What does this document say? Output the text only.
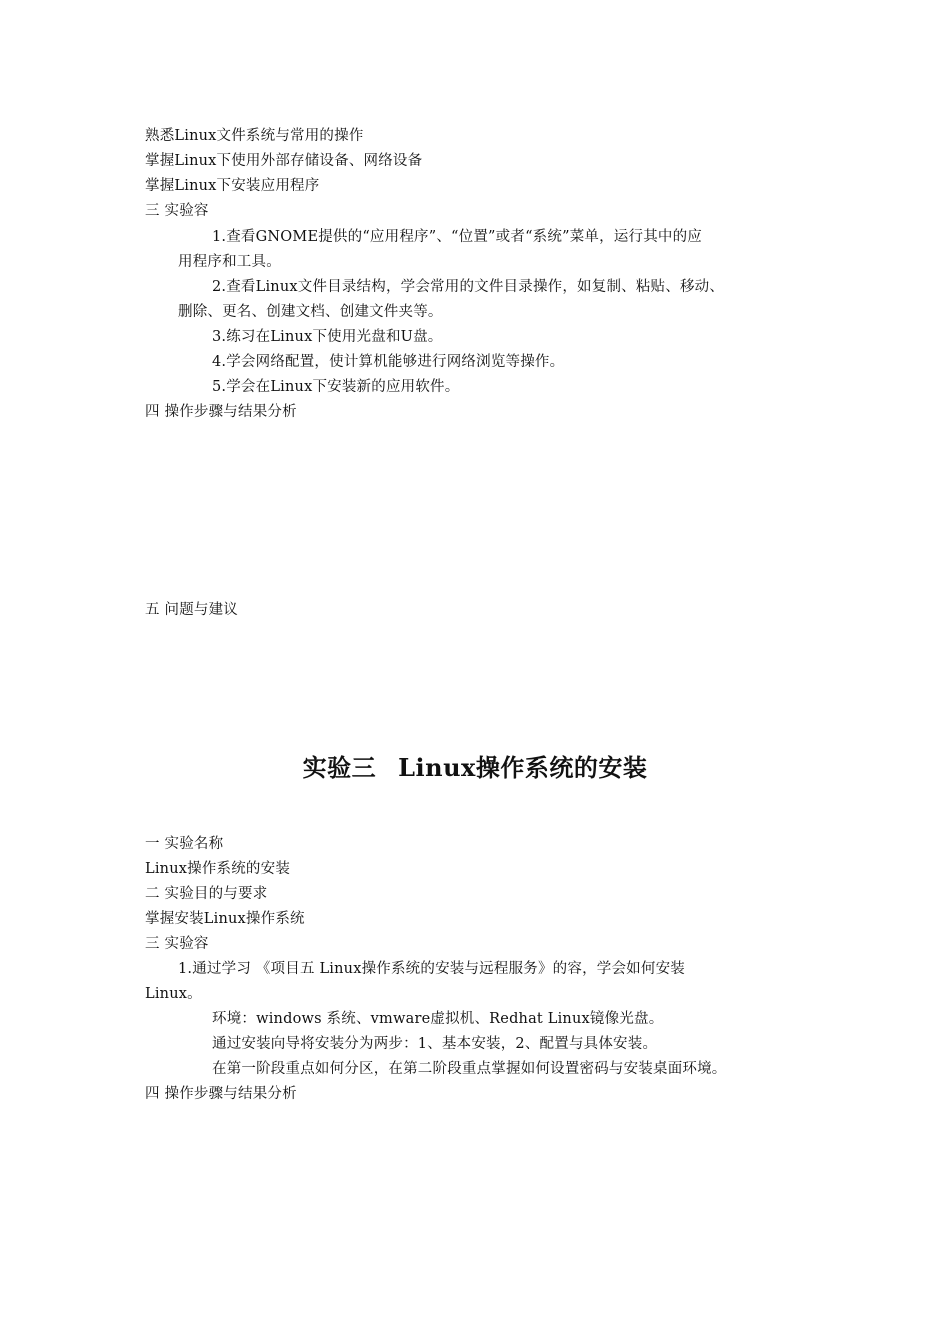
熟悉Linux文件系统与常用的操作
掌握Linux下使用外部存储设备、网络设备
掌握Linux下安装应用程序
三 实验容
1.查看GNOME提供的“应用程序”、“位置”或者“系统”菜单，运行其中的应
用程序和工具。
2.查看Linux文件目录结构，学会常用的文件目录操作，如复制、粘贴、移动、
删除、更名、创建文档、创建文件夹等。
3.练习在Linux下使用光盘和U盘。
4.学会网络配置，使计算机能够进行网络浏览等操作。
5.学会在Linux下安装新的应用软件。
四 操作步骤与结果分析
五 问题与建议
实验三 Linux操作系统的安装
一 实验名称
Linux操作系统的安装
二 实验目的与要求
掌握安装Linux操作系统
三 实验容
1.通过学习 《项目五 Linux操作系统的安装与远程服务》的容，学会如何安装
Linux。
环境：windows 系统、vmware虚拟机、Redhat Linux镜像光盘。
通过安装向导将安装分为两步：1、基本安装，2、配置与具体安装。
在第一阶段重点如何分区，在第二阶段重点掌握如何设置密码与安装桌面环境。
四 操作步骤与结果分析
